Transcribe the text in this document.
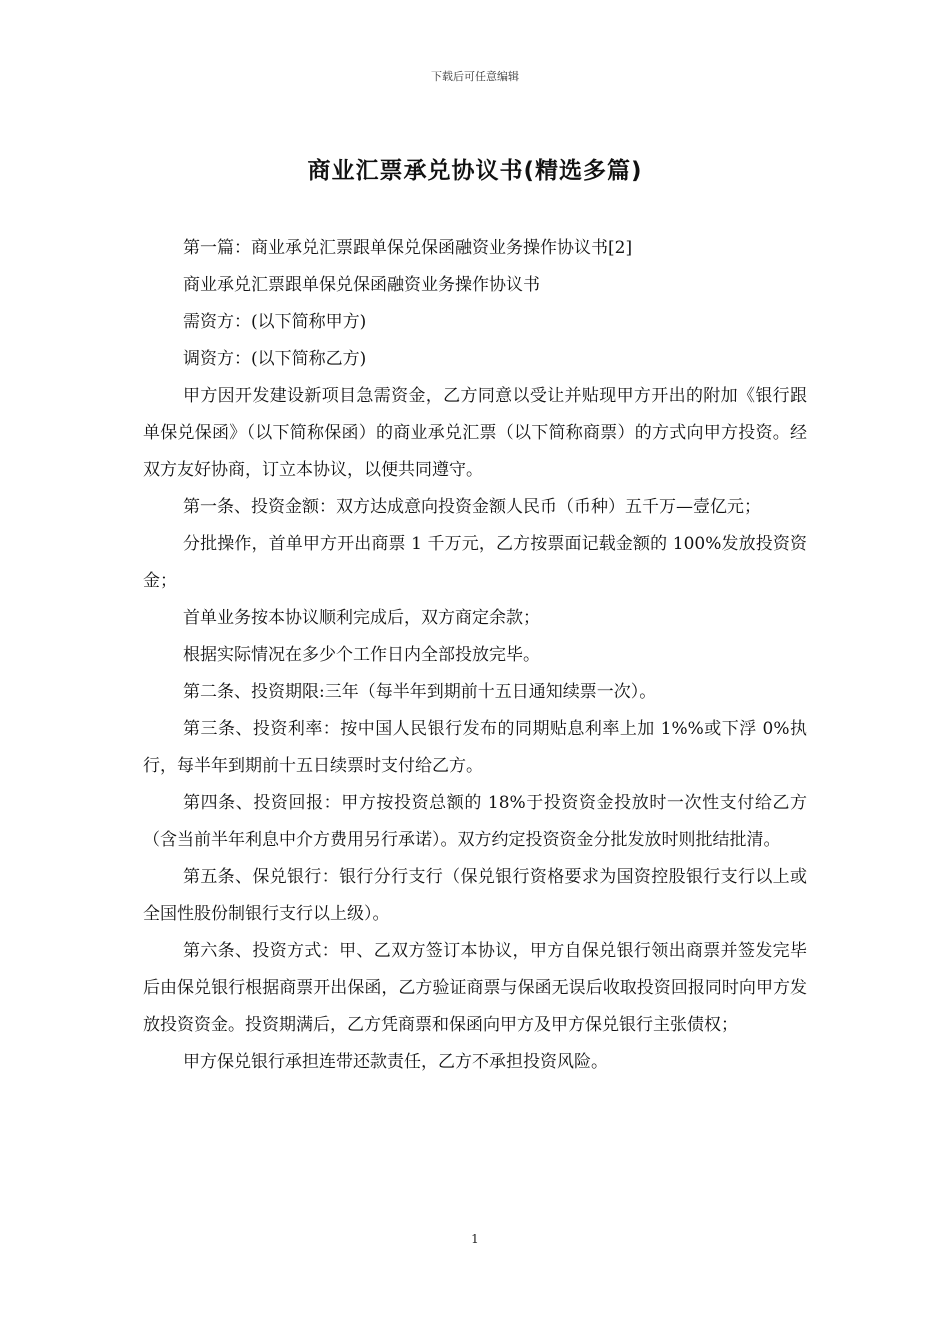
下载后可任意编辑
商业汇票承兑协议书(精选多篇)

第一篇：商业承兑汇票跟单保兑保函融资业务操作协议书[2]

商业承兑汇票跟单保兑保函融资业务操作协议书

需资方：(以下简称甲方)

调资方：(以下简称乙方)

甲方因开发建设新项目急需资金，乙方同意以受让并贴现甲方开出的附加《银行跟单保兑保函》（以下简称保函）的商业承兑汇票（以下简称商票）的方式向甲方投资。经双方友好协商，订立本协议，以便共同遵守。

第一条、投资金额：双方达成意向投资金额人民币（币种）五千万—壹亿元；

分批操作，首单甲方开出商票 1 千万元，乙方按票面记载金额的 100%发放投资资金；

首单业务按本协议顺利完成后，双方商定余款；

根据实际情况在多少个工作日内全部投放完毕。

第二条、投资期限:三年（每半年到期前十五日通知续票一次）。

第三条、投资利率：按中国人民银行发布的同期贴息利率上加 1%%或下浮 0%执行，每半年到期前十五日续票时支付给乙方。

第四条、投资回报：甲方按投资总额的 18%于投资资金投放时一次性支付给乙方（含当前半年利息中介方费用另行承诺）。双方约定投资资金分批发放时则批结批清。

第五条、保兑银行：银行分行支行（保兑银行资格要求为国资控股银行支行以上或全国性股份制银行支行以上级）。

第六条、投资方式：甲、乙双方签订本协议，甲方自保兑银行领出商票并签发完毕后由保兑银行根据商票开出保函，乙方验证商票与保函无误后收取投资回报同时向甲方发放投资资金。投资期满后，乙方凭商票和保函向甲方及甲方保兑银行主张债权；

甲方保兑银行承担连带还款责任，乙方不承担投资风险。

1
